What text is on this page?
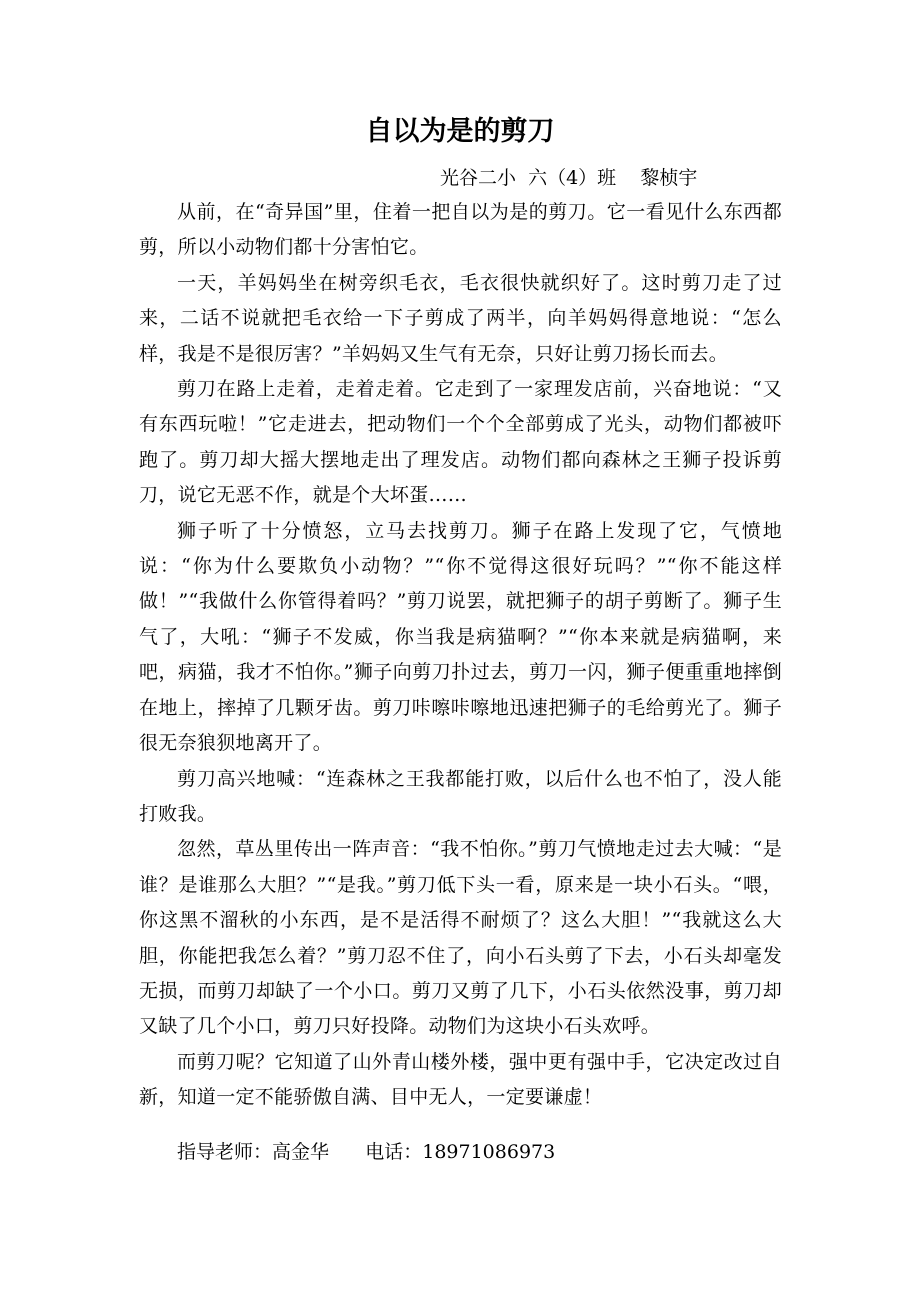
自以为是的剪刀

光谷二小  六（4）班    黎桢宇

从前，在“奇异国”里，住着一把自以为是的剪刀。它一看见什么东西都剪，所以小动物们都十分害怕它。

一天，羊妈妈坐在树旁织毛衣，毛衣很快就织好了。这时剪刀走了过来，二话不说就把毛衣给一下子剪成了两半，向羊妈妈得意地说：“怎么样，我是不是很厉害？”羊妈妈又生气有无奈，只好让剪刀扬长而去。

剪刀在路上走着，走着走着。它走到了一家理发店前，兴奋地说：“又有东西玩啦！”它走进去，把动物们一个个全部剪成了光头，动物们都被吓跑了。剪刀却大摇大摆地走出了理发店。动物们都向森林之王狮子投诉剪刀，说它无恶不作，就是个大坏蛋……

狮子听了十分愤怒，立马去找剪刀。狮子在路上发现了它，气愤地说：“你为什么要欺负小动物？”“你不觉得这很好玩吗？”“你不能这样做！”“我做什么你管得着吗？”剪刀说罢，就把狮子的胡子剪断了。狮子生气了，大吼：“狮子不发威，你当我是病猫啊？”“你本来就是病猫啊，来吧，病猫，我才不怕你。”狮子向剪刀扑过去，剪刀一闪，狮子便重重地摔倒在地上，摔掉了几颗牙齿。剪刀咔嚓咔嚓地迅速把狮子的毛给剪光了。狮子很无奈狼狈地离开了。

剪刀高兴地喊：“连森林之王我都能打败，以后什么也不怕了，没人能打败我。

忽然，草丛里传出一阵声音：“我不怕你。”剪刀气愤地走过去大喊：“是谁？是谁那么大胆？”“是我。”剪刀低下头一看，原来是一块小石头。“喂，你这黑不溜秋的小东西，是不是活得不耐烦了？这么大胆！”“我就这么大胆，你能把我怎么着？”剪刀忍不住了，向小石头剪了下去，小石头却毫发无损，而剪刀却缺了一个小口。剪刀又剪了几下，小石头依然没事，剪刀却又缺了几个小口，剪刀只好投降。动物们为这块小石头欢呼。

而剪刀呢？它知道了山外青山楼外楼，强中更有强中手，它决定改过自新，知道一定不能骄傲自满、目中无人，一定要谦虚！

指导老师：高金华      电话：18971086973
